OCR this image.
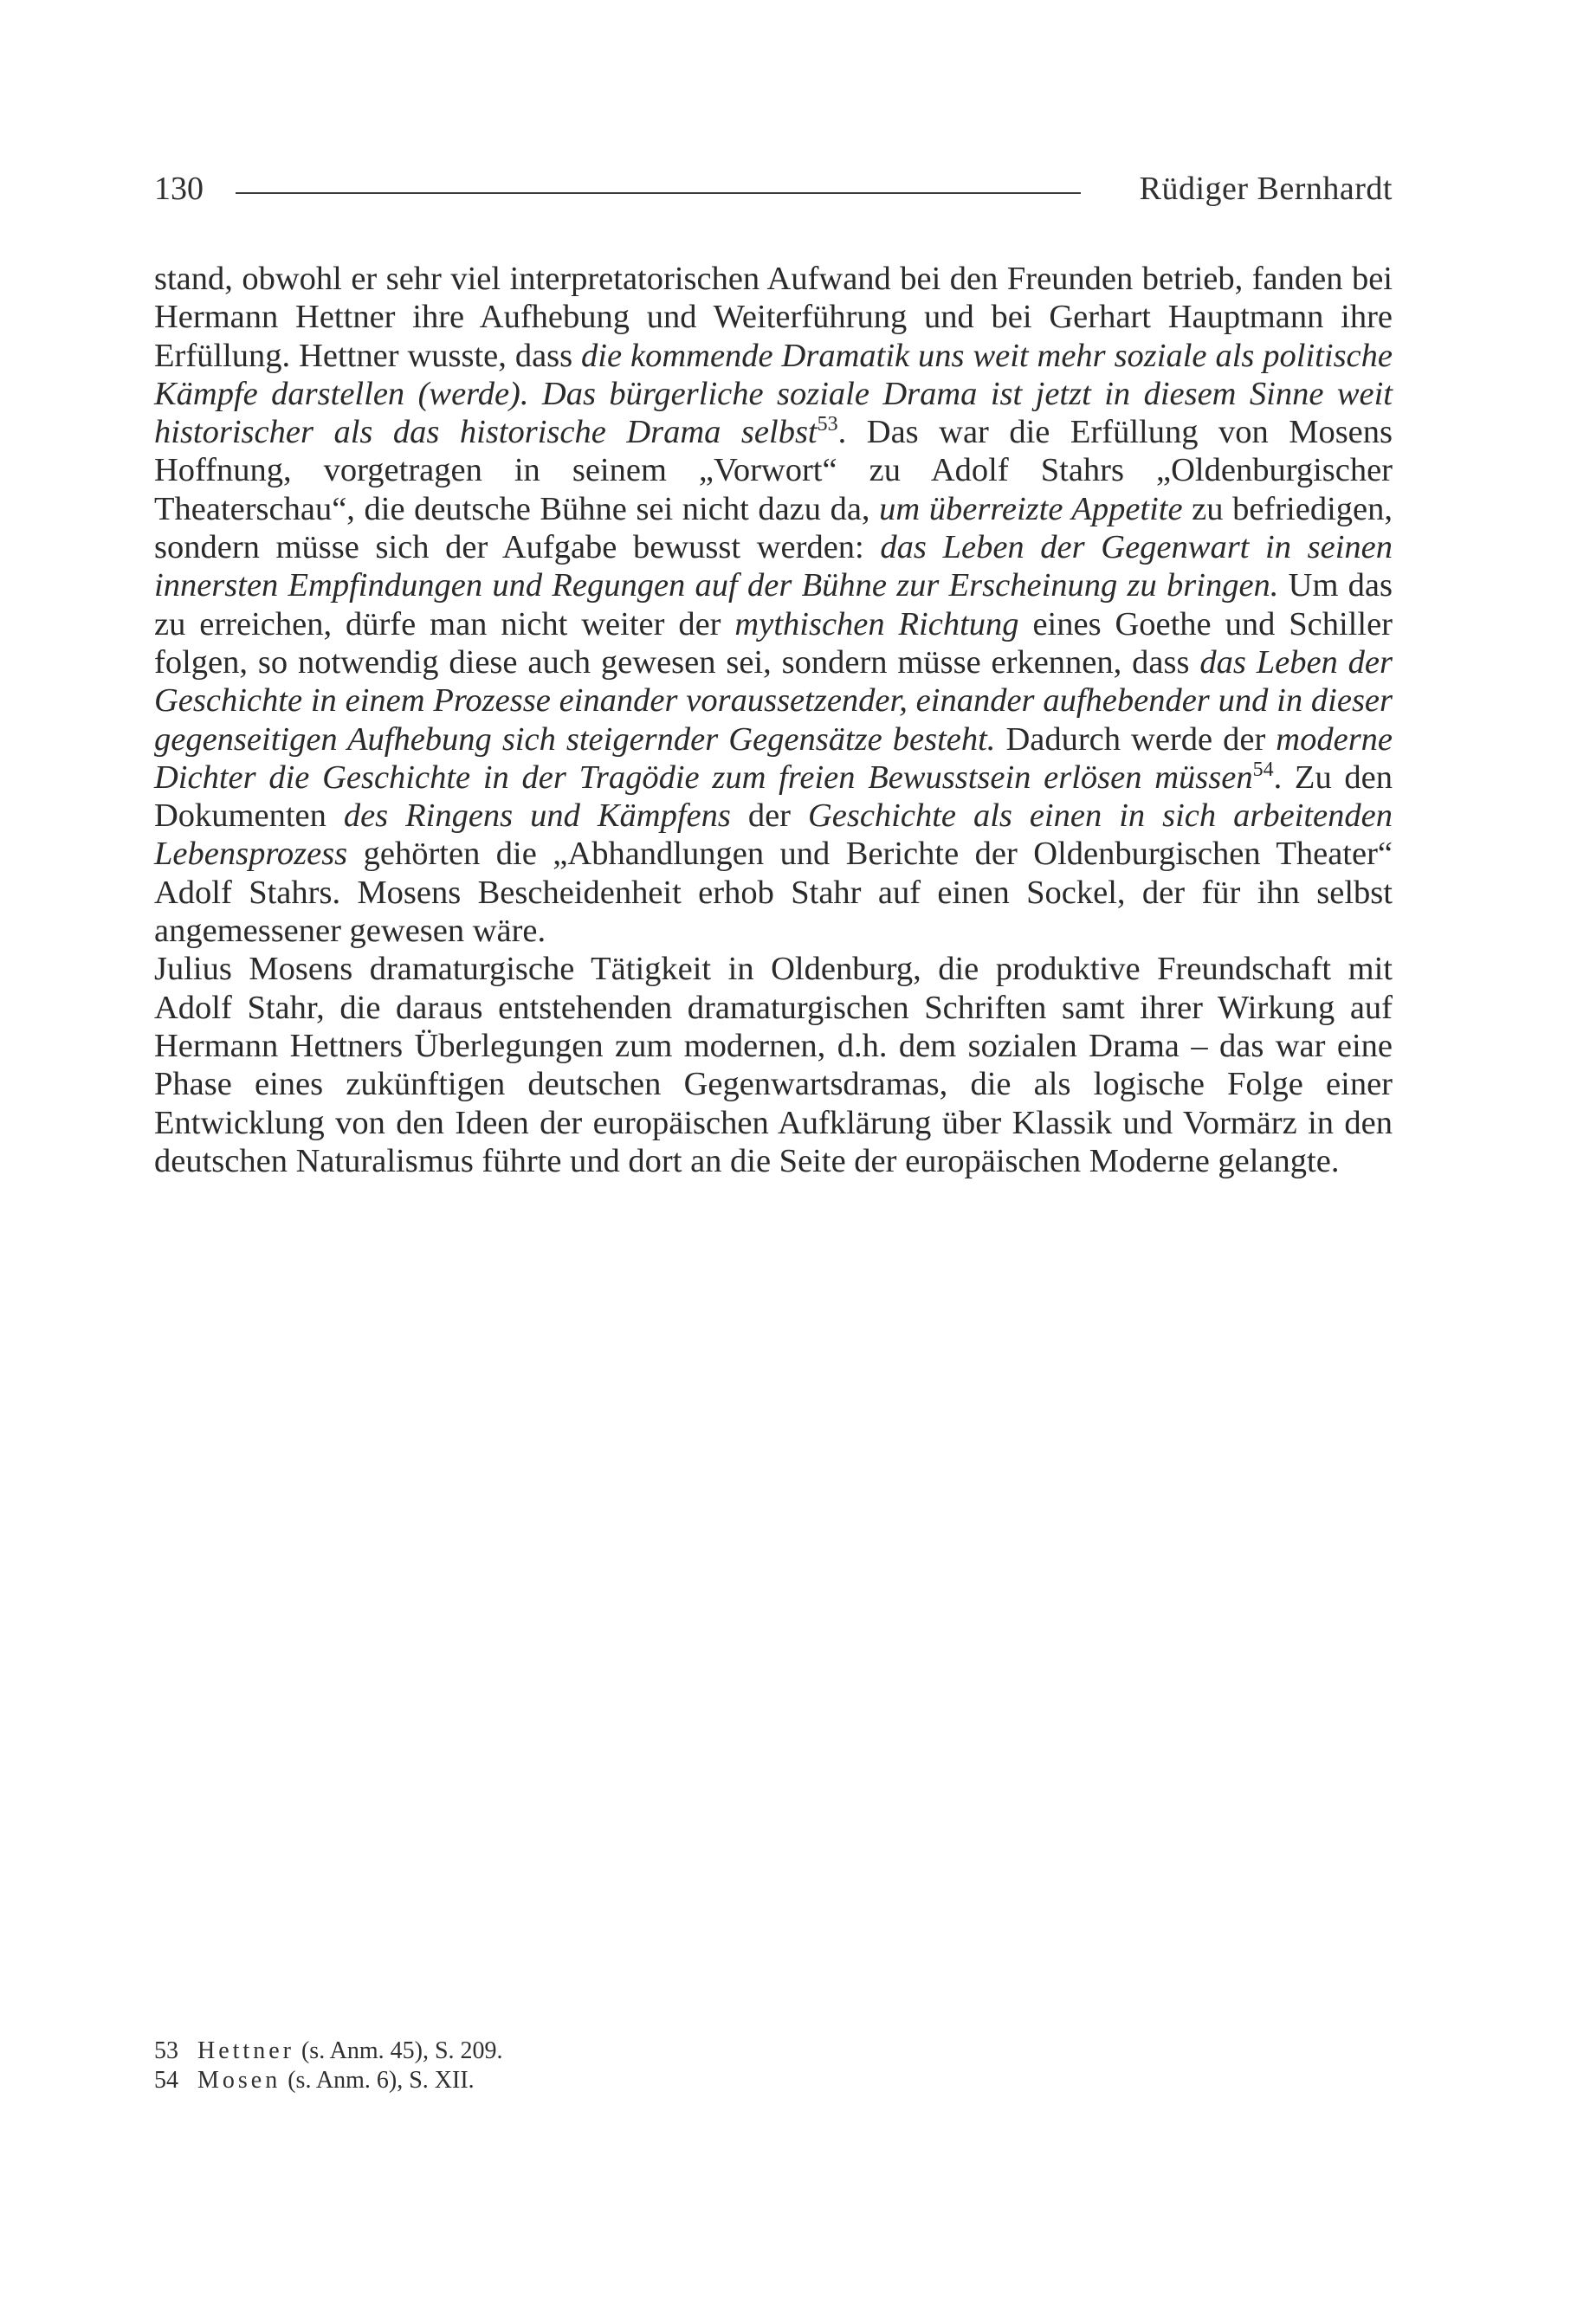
130	Rüdiger Bernhardt

stand, obwohl er sehr viel interpretatorischen Aufwand bei den Freunden betrieb, fanden bei Hermann Hettner ihre Aufhebung und Weiterführung und bei Gerhart Hauptmann ihre Erfüllung. Hettner wusste, dass die kommende Dramatik uns weit mehr soziale als politische Kämpfe darstellen (werde). Das bürgerliche soziale Drama ist jetzt in diesem Sinne weit historischer als das historische Drama selbst$^{53}$. Das war die Erfüllung von Mosens Hoffnung, vorgetragen in seinem „Vorwort“ zu Adolf Stahrs „Oldenburgischer Theaterschau“, die deutsche Bühne sei nicht dazu da, um überreizte Appetite zu befriedigen, sondern müsse sich der Aufgabe bewusst werden: das Leben der Gegenwart in seinen innersten Empfindungen und Regungen auf der Bühne zur Erscheinung zu bringen. Um das zu erreichen, dürfe man nicht weiter der mythischen Richtung eines Goethe und Schiller folgen, so notwendig diese auch gewesen sei, sondern müsse erkennen, dass das Leben der Geschichte in einem Prozesse einander voraussetzender, einander aufhebender und in dieser gegenseitigen Aufhebung sich steigernder Gegensätze besteht. Dadurch werde der moderne Dichter die Geschichte in der Tragödie zum freien Bewusstsein erlösen müssen$^{54}$. Zu den Dokumenten des Ringens und Kämpfens der Geschichte als einen in sich arbeitenden Lebensprozess gehörten die „Abhandlungen und Berichte der Oldenburgischen Theater“ Adolf Stahrs. Mosens Bescheidenheit erhob Stahr auf einen Sockel, der für ihn selbst angemessener gewesen wäre.

Julius Mosens dramaturgische Tätigkeit in Oldenburg, die produktive Freundschaft mit Adolf Stahr, die daraus entstehenden dramaturgischen Schriften samt ihrer Wirkung auf Hermann Hettners Überlegungen zum modernen, d.h. dem sozialen Drama – das war eine Phase eines zukünftigen deutschen Gegenwartsdramas, die als logische Folge einer Entwicklung von den Ideen der europäischen Aufklärung über Klassik und Vormärz in den deutschen Naturalismus führte und dort an die Seite der europäischen Moderne gelangte.

53 Hettner (s. Anm. 45), S. 209.
54 Mosen (s. Anm. 6), S. XII.
